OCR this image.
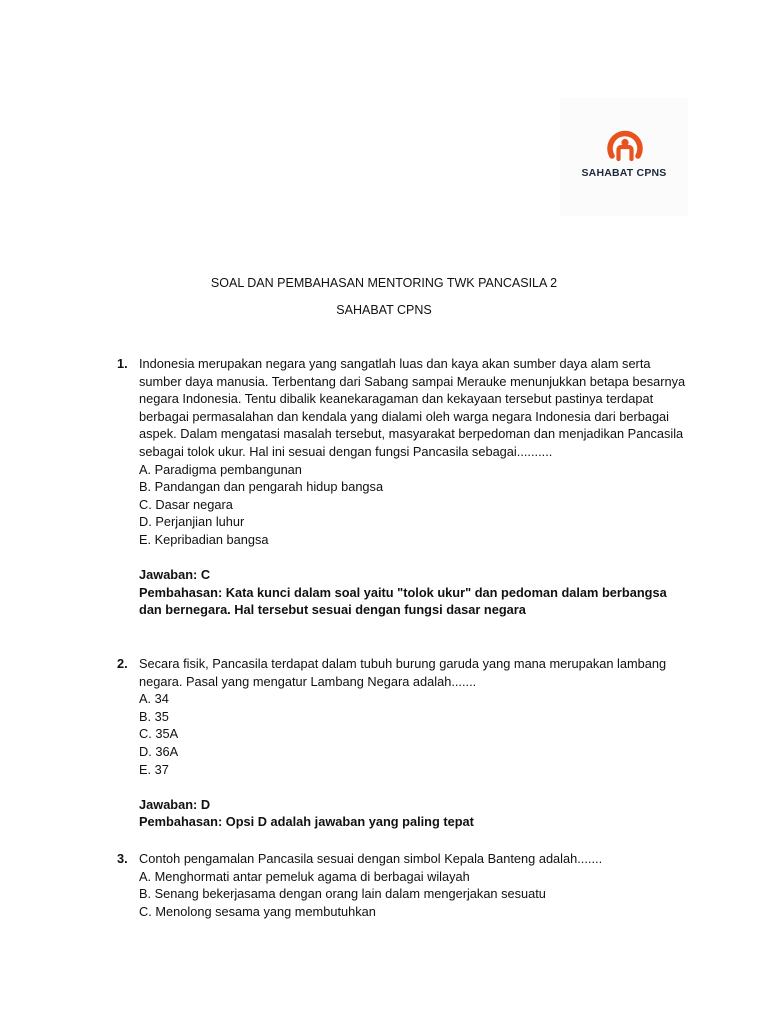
SAHABAT CPNS
SOAL DAN PEMBAHASAN MENTORING TWK PANCASILA 2
SAHABAT CPNS
1. Indonesia merupakan negara yang sangatlah luas dan kaya akan sumber daya alam serta sumber daya manusia. Terbentang dari Sabang sampai Merauke menunjukkan betapa besarnya negara Indonesia. Tentu dibalik keanekaragaman dan kekayaan tersebut pastinya terdapat berbagai permasalahan dan kendala yang dialami oleh warga negara Indonesia dari berbagai aspek. Dalam mengatasi masalah tersebut, masyarakat berpedoman dan menjadikan Pancasila sebagai tolok ukur. Hal ini sesuai dengan fungsi Pancasila sebagai..........
A. Paradigma pembangunan
B. Pandangan dan pengarah hidup bangsa
C. Dasar negara
D. Perjanjian luhur
E. Kepribadian bangsa
Jawaban: C
Pembahasan: Kata kunci dalam soal yaitu "tolok ukur" dan pedoman dalam berbangsa dan bernegara. Hal tersebut sesuai dengan fungsi dasar negara
2. Secara fisik, Pancasila terdapat dalam tubuh burung garuda yang mana merupakan lambang negara. Pasal yang mengatur Lambang Negara adalah.......
A. 34
B. 35
C. 35A
D. 36A
E. 37
Jawaban: D
Pembahasan: Opsi D adalah jawaban yang paling tepat
3. Contoh pengamalan Pancasila sesuai dengan simbol Kepala Banteng adalah.......
A. Menghormati antar pemeluk agama di berbagai wilayah
B. Senang bekerjasama dengan orang lain dalam mengerjakan sesuatu
C. Menolong sesama yang membutuhkan
